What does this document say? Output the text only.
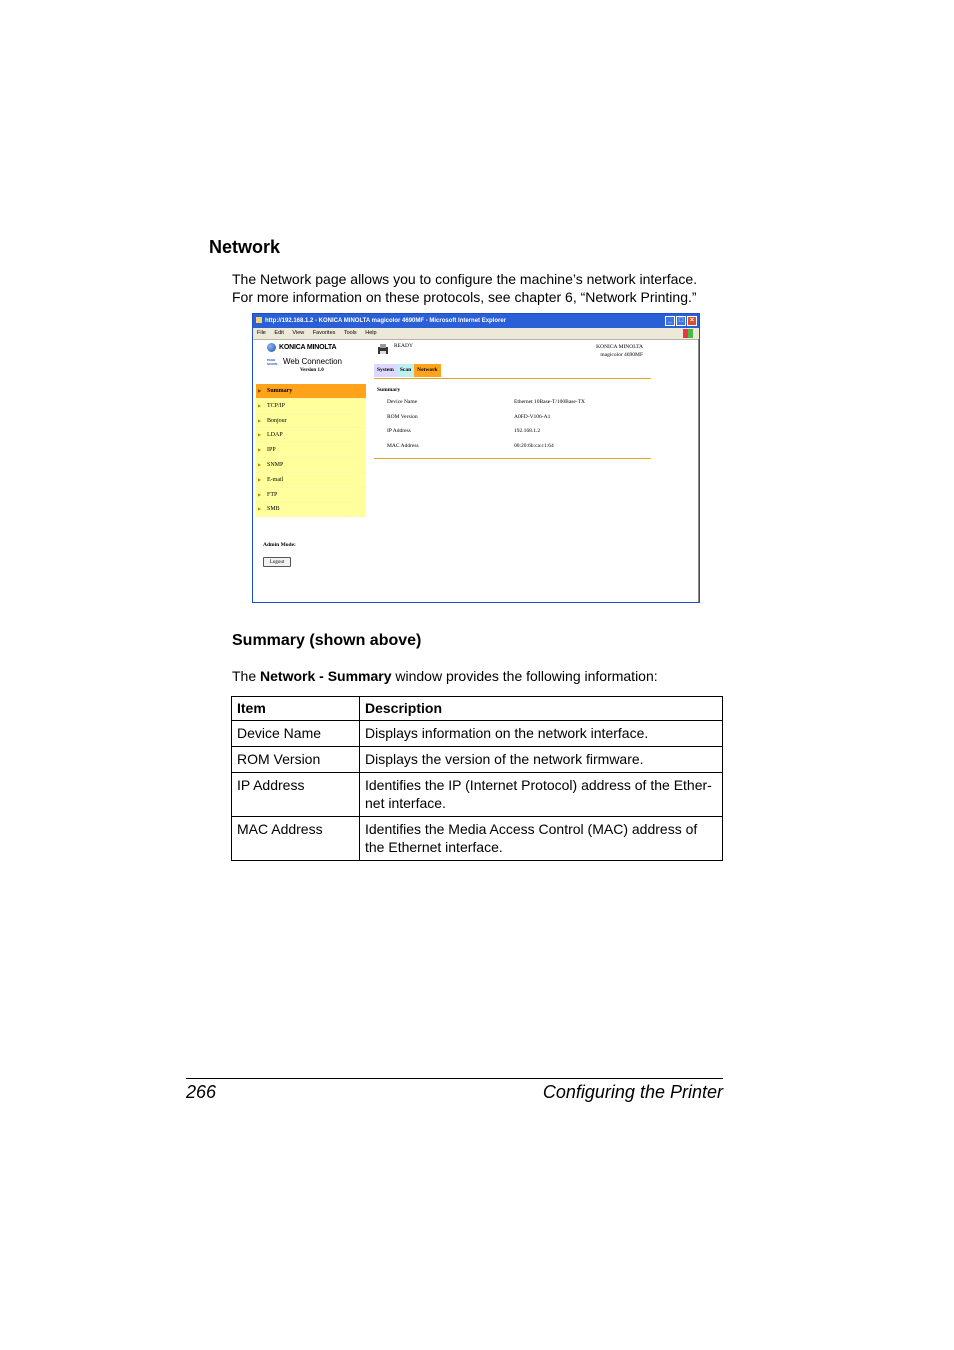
Network
The Network page allows you to configure the machine’s network interface.
For more information on these protocols, see chapter 6, “Network Printing.”
http://192.168.1.2 - KONICA MINOLTA magicolor 4690MF - Microsoft Internet Explorer	_ □ ×
File Edit View Favorites Tools Help
KONICA MINOLTA
PAGE SCOPE Web Connection
Version 1.0
▶ Summary
▶ TCP/IP
▶ Bonjour
▶ LDAP
▶ IPP
▶ SNMP
▶ E-mail
▶ FTP
▶ SMB
Admin Mode:
Logout
READY	KONICA MINOLTA
magicolor 4690MF
System	Scan	Network
Summary
Device Name	Ethernet 10Base-T/100Base-TX
ROM Version	A0FD-V106-A1
IP Address	192.168.1.2
MAC Address	00:20:6b:ca:c1:64
Summary (shown above)
The Network - Summary window provides the following information:
Item	Description
Device Name	Displays information on the network interface.
ROM Version	Displays the version of the network firmware.
IP Address	Identifies the IP (Internet Protocol) address of the Ether-net interface.
MAC Address	Identifies the Media Access Control (MAC) address of the Ethernet interface.
266	Configuring the Printer
